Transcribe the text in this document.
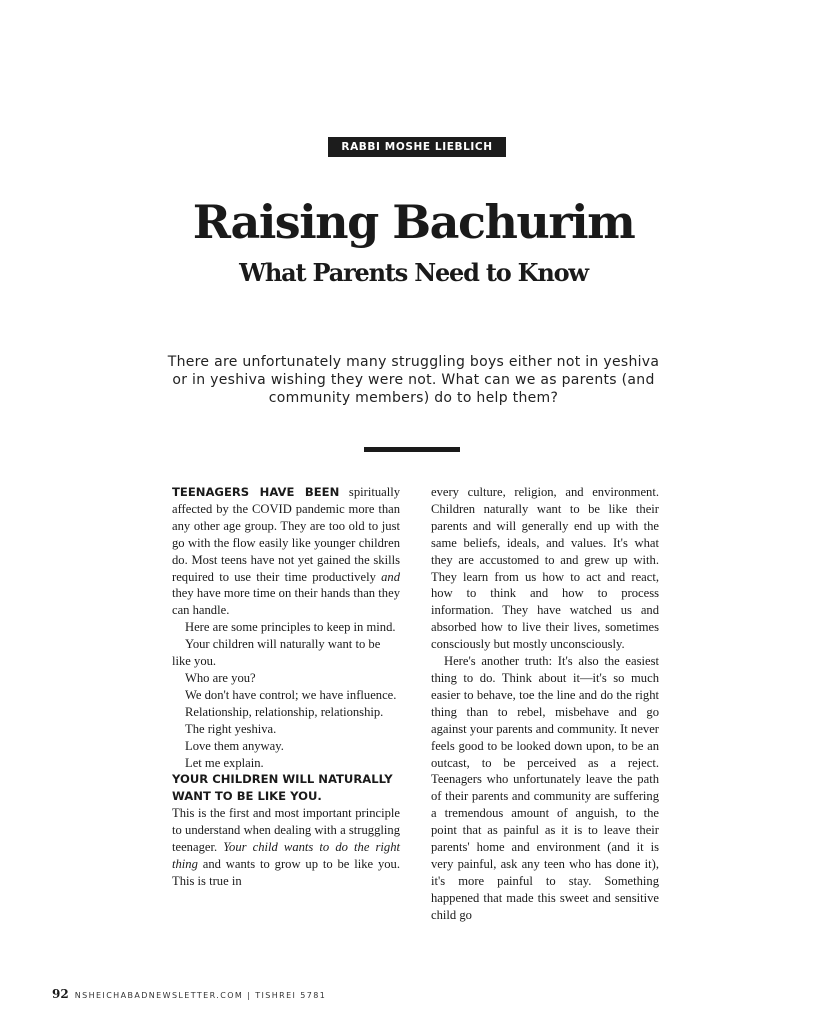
RABBI MOSHE LIEBLICH
Raising Bachurim
What Parents Need to Know

There are unfortunately many struggling boys either not in yeshiva or in yeshiva wishing they were not. What can we as parents (and community members) do to help them?

TEENAGERS HAVE BEEN spiritually affected by the COVID pandemic more than any other age group. They are too old to just go with the flow easily like younger children do. Most teens have not yet gained the skills required to use their time productively and they have more time on their hands than they can handle.

Here are some principles to keep in mind.

Your children will naturally want to be like you.

Who are you?

We don't have control; we have influence.

Relationship, relationship, relationship.

The right yeshiva.

Love them anyway.

Let me explain.

YOUR CHILDREN WILL NATURALLY WANT TO BE LIKE YOU.

This is the first and most important principle to understand when dealing with a struggling teenager. Your child wants to do the right thing and wants to grow up to be like you. This is true in

every culture, religion, and environment. Children naturally want to be like their parents and will generally end up with the same beliefs, ideals, and values. It's what they are accustomed to and grew up with. They learn from us how to act and react, how to think and how to process information. They have watched us and absorbed how to live their lives, sometimes consciously but mostly unconsciously.

Here's another truth: It's also the easiest thing to do. Think about it—it's so much easier to behave, toe the line and do the right thing than to rebel, misbehave and go against your parents and community. It never feels good to be looked down upon, to be an outcast, to be perceived as a reject. Teenagers who unfortunately leave the path of their parents and community are suffering a tremendous amount of anguish, to the point that as painful as it is to leave their parents' home and environment (and it is very painful, ask any teen who has done it), it's more painful to stay. Something happened that made this sweet and sensitive child go

92 NSHEICHABADNEWSLETTER.COM | TISHREI 5781
